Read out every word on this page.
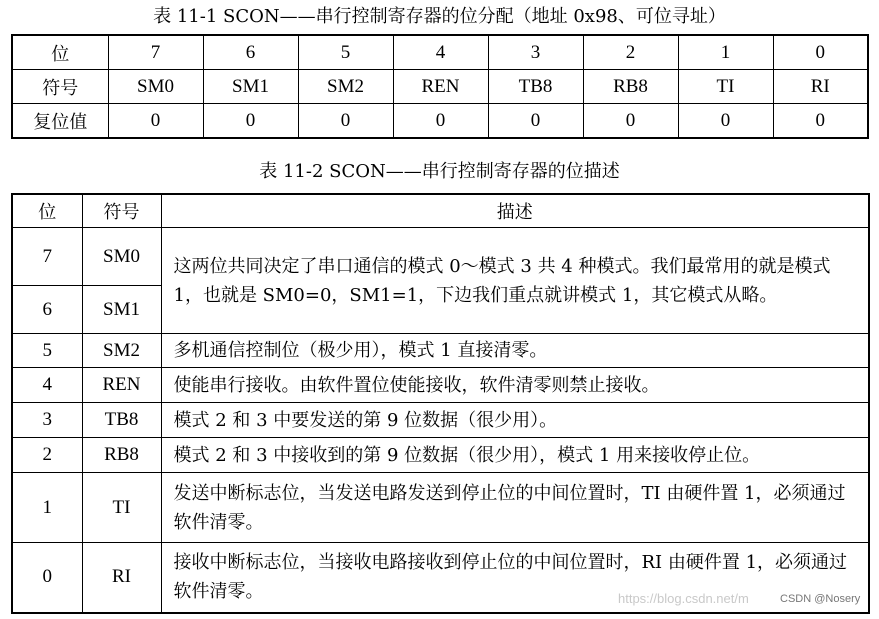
表 11-1 SCON——串行控制寄存器的位分配（地址 0x98、可位寻址）
位	7	6	5	4	3	2	1	0
符号	SM0	SM1	SM2	REN	TB8	RB8	TI	RI
复位值	0	0	0	0	0	0	0	0
表 11-2 SCON——串行控制寄存器的位描述
位	符号	描述
7	SM0	这两位共同决定了串口通信的模式 0～模式 3 共 4 种模式。我们最常用的就是模式 1，也就是 SM0=0，SM1=1，下边我们重点就讲模式 1，其它模式从略。
6	SM1	
5	SM2	多机通信控制位（极少用），模式 1 直接清零。
4	REN	使能串行接收。由软件置位使能接收，软件清零则禁止接收。
3	TB8	模式 2 和 3 中要发送的第 9 位数据（很少用）。
2	RB8	模式 2 和 3 中接收到的第 9 位数据（很少用），模式 1 用来接收停止位。
1	TI	发送中断标志位，当发送电路发送到停止位的中间位置时，TI 由硬件置 1，必须通过软件清零。
0	RI	接收中断标志位，当接收电路接收到停止位的中间位置时，RI 由硬件置 1，必须通过软件清零。	https://blog.csdn.net/m	CSDN @Nosery
